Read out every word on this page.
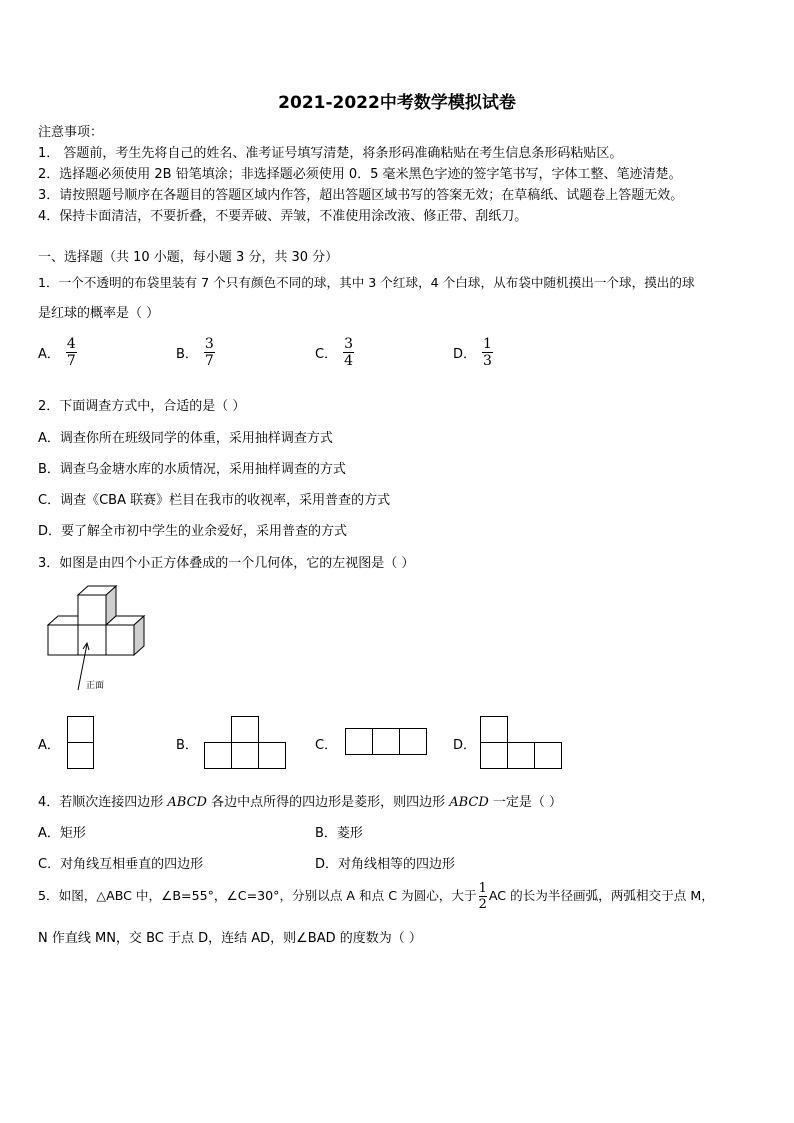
2021-2022中考数学模拟试卷
注意事项：
1． 答题前，考生先将自己的姓名、准考证号填写清楚，将条形码准确粘贴在考生信息条形码粘贴区。
2．选择题必须使用 2B 铅笔填涂；非选择题必须使用 0．5 毫米黑色字迹的签字笔书写，字体工整、笔迹清楚。
3．请按照题号顺序在各题目的答题区域内作答，超出答题区域书写的答案无效；在草稿纸、试题卷上答题无效。
4．保持卡面清洁，不要折叠，不要弄破、弄皱，不准使用涂改液、修正带、刮纸刀。
一、选择题（共 10 小题，每小题 3 分，共 30 分）
1．一个不透明的布袋里装有 7 个只有颜色不同的球，其中 3 个红球，4 个白球，从布袋中随机摸出一个球，摸出的球
是红球的概率是（ ）
A． $\frac{4}{7}$	B． $\frac{3}{7}$	C． $\frac{3}{4}$	D． $\frac{1}{3}$
2．下面调查方式中，合适的是（ ）
A．调查你所在班级同学的体重，采用抽样调查方式
B．调查乌金塘水库的水质情况，采用抽样调查的方式
C．调查《CBA 联赛》栏目在我市的收视率，采用普查的方式
D．要了解全市初中学生的业余爱好，采用普查的方式
3．如图是由四个小正方体叠成的一个几何体，它的左视图是（ ）
正面
A．	B．	C．	D．
4．若顺次连接四边形 ABCD 各边中点所得的四边形是菱形，则四边形 ABCD 一定是（ ）
A．矩形	B．菱形
C．对角线互相垂直的四边形	D．对角线相等的四边形
5．如图，△ABC 中，∠B=55°，∠C=30°，分别以点 A 和点 C 为圆心，大于 $\frac{1}{2}$ AC 的长为半径画弧，两弧相交于点 M，
N 作直线 MN，交 BC 于点 D，连结 AD，则∠BAD 的度数为（ ）
